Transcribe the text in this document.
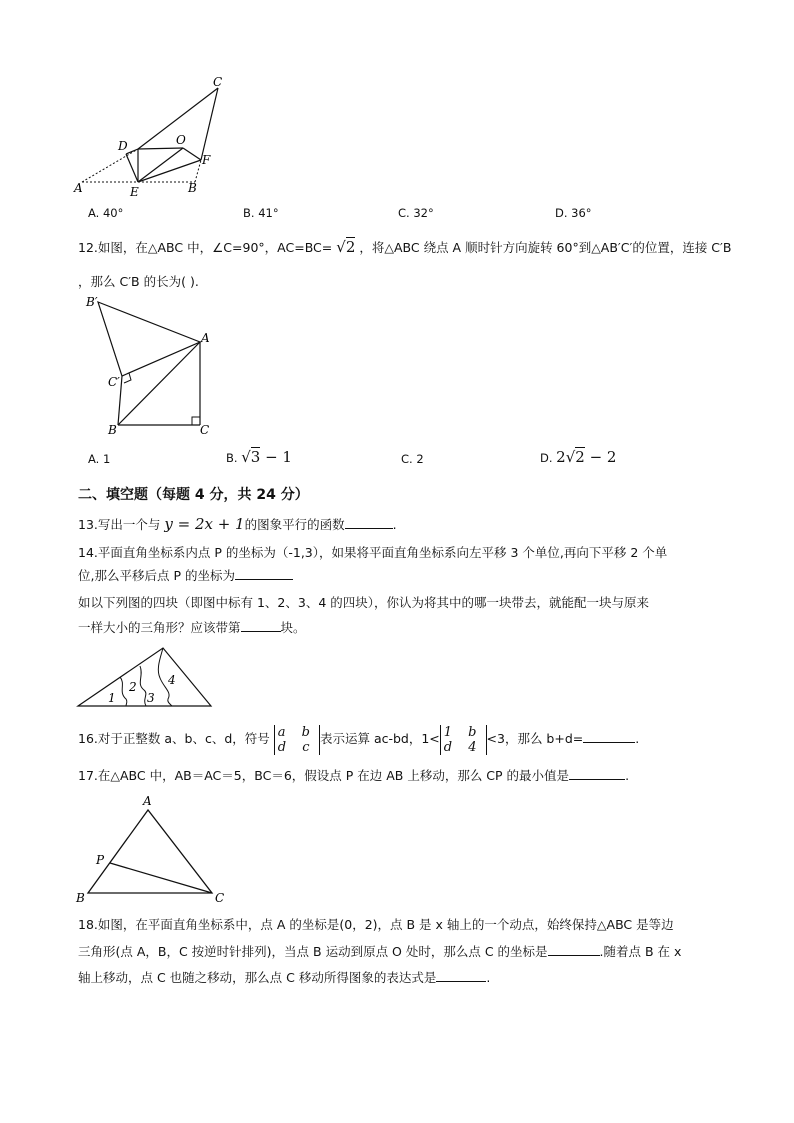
A	B
C
D
E
F
O
A. 40°	B. 41°	C. 32°	D. 36°
12.如图，在△ABC 中，∠C=90°，AC=BC= √2 ，将△ABC 绕点 A 顺时针方向旋转 60°到△AB′C′的位置，连接 C′B
，那么 C′B 的长为( ).
B′
A
C′
B	C
A. 1	B. √3 − 1	C. 2	D. 2√2 − 2
二、填空题（每题 4 分，共 24 分）
13.写出一个与 y = 2x + 1的图象平行的函数	.
14.平面直角坐标系内点 P 的坐标为（-1,3），如果将平面直角坐标系向左平移 3 个单位,再向下平移 2 个单
位,那么平移后点 P 的坐标为
如以下列图的四块（即图中标有 1、2、3、4 的四块），你认为将其中的哪一块带去，就能配一块与原来
一样大小的三角形？应该带第	块。
1
2
3
4
16.对于正整数 a、b、c、d，符号 a b
d c
表示运算 ac-bd，1< 1 b
d 4
<3，那么 b+d=	.
17.在△ABC 中，AB＝AC＝5，BC＝6，假设点 P 在边 AB 上移动，那么 CP 的最小值是	.
A
P
B	C
18.如图，在平面直角坐标系中，点 A 的坐标是(0，2)，点 B 是 x 轴上的一个动点，始终保持△ABC 是等边
三角形(点 A，B，C 按逆时针排列)，当点 B 运动到原点 O 处时，那么点 C 的坐标是	.随着点 B 在 x
轴上移动，点 C 也随之移动，那么点 C 移动所得图象的表达式是	.
